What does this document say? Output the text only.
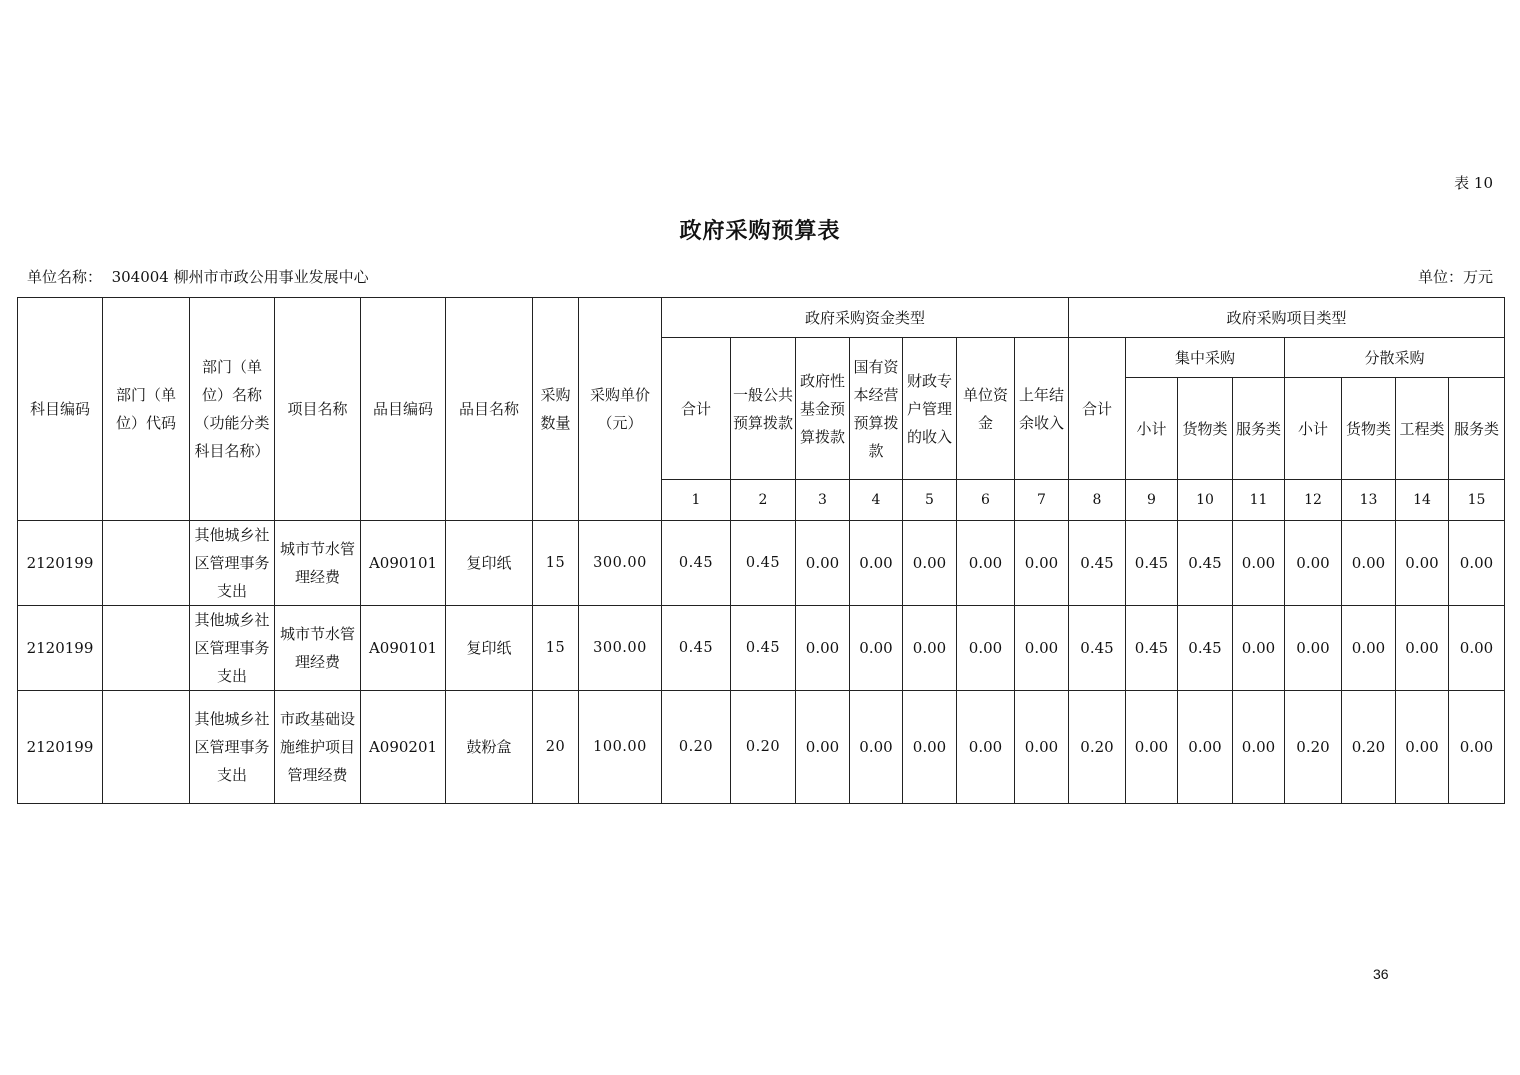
表 10
政府采购预算表
单位名称： 304004 柳州市市政公用事业发展中心	单位：万元
科目编码	部门（单位）代码	部门（单位）名称（功能分类科目名称）	项目名称	品目编码	品目名称	采购数量	采购单价（元）	政府采购资金类型							政府采购项目类型							
								合计	一般公共预算拨款	政府性基金预算拨款	国有资本经营预算拨款	财政专户管理的收入	单位资金	上年结余收入	合计	集中采购			分散采购			
																小计	货物类	服务类	小计	货物类	工程类	服务类
								1	2	3	4	5	6	7	8	9	10	11	12	13	14	15
2120199		其他城乡社区管理事务支出	城市节水管理经费	A090101	复印纸	15	300.00	0.45	0.45	0.00	0.00	0.00	0.00	0.00	0.45	0.45	0.45	0.00	0.00	0.00	0.00	0.00
2120199		其他城乡社区管理事务支出	城市节水管理经费	A090101	复印纸	15	300.00	0.45	0.45	0.00	0.00	0.00	0.00	0.00	0.45	0.45	0.45	0.00	0.00	0.00	0.00	0.00
2120199		其他城乡社区管理事务支出	市政基础设施维护项目管理经费	A090201	鼓粉盒	20	100.00	0.20	0.20	0.00	0.00	0.00	0.00	0.00	0.20	0.00	0.00	0.00	0.20	0.20	0.00	0.00
36
